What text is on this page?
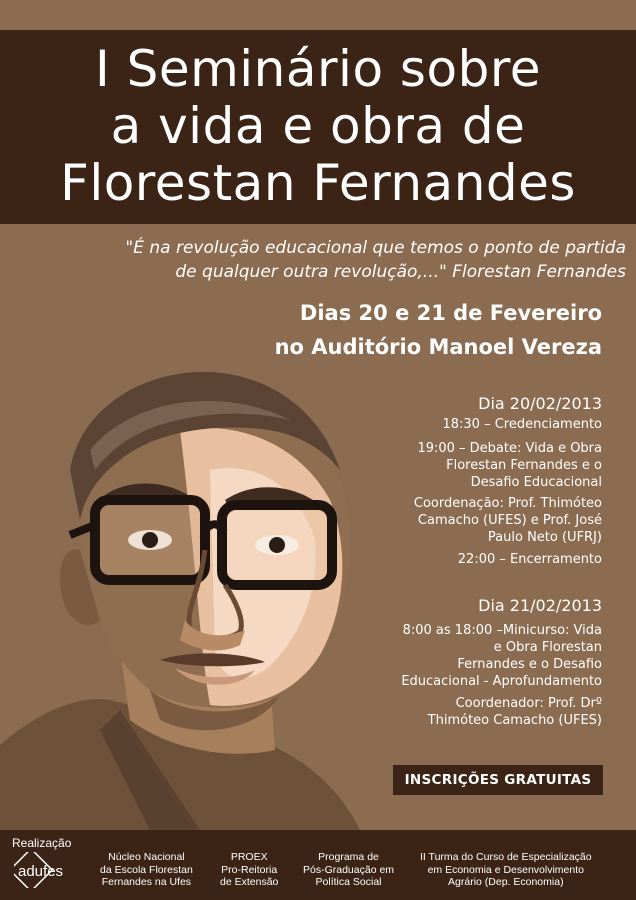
I Seminário sobre
a vida e obra de
Florestan Fernandes
"É na revolução educacional que temos o ponto de partida
de qualquer outra revolução,..." Florestan Fernandes
Dias 20 e 21 de Fevereiro
no Auditório Manoel Vereza
Dia 20/02/2013
18:30 – Credenciamento
19:00 – Debate: Vida e Obra
Florestan Fernandes e o
Desafio Educacional
Coordenação: Prof. Thimóteo
Camacho (UFES) e Prof. José
Paulo Neto (UFRJ)
22:00 – Encerramento
Dia 21/02/2013
8:00 as 18:00 –Minicurso: Vida
e Obra Florestan
Fernandes e o Desafio
Educacional - Aprofundamento
Coordenador: Prof. Drº
Thimóteo Camacho (UFES)
INSCRIÇÕES GRATUITAS
Realização
adufes
Núcleo Nacional
da Escola Florestan
Fernandes na Ufes
PROEX
Pro-Reitoria
de Extensão
Programa de
Pós-Graduação em
Política Social
II Turma do Curso de Especialização
em Economia e Desenvolvimento
Agrário (Dep. Economia)
